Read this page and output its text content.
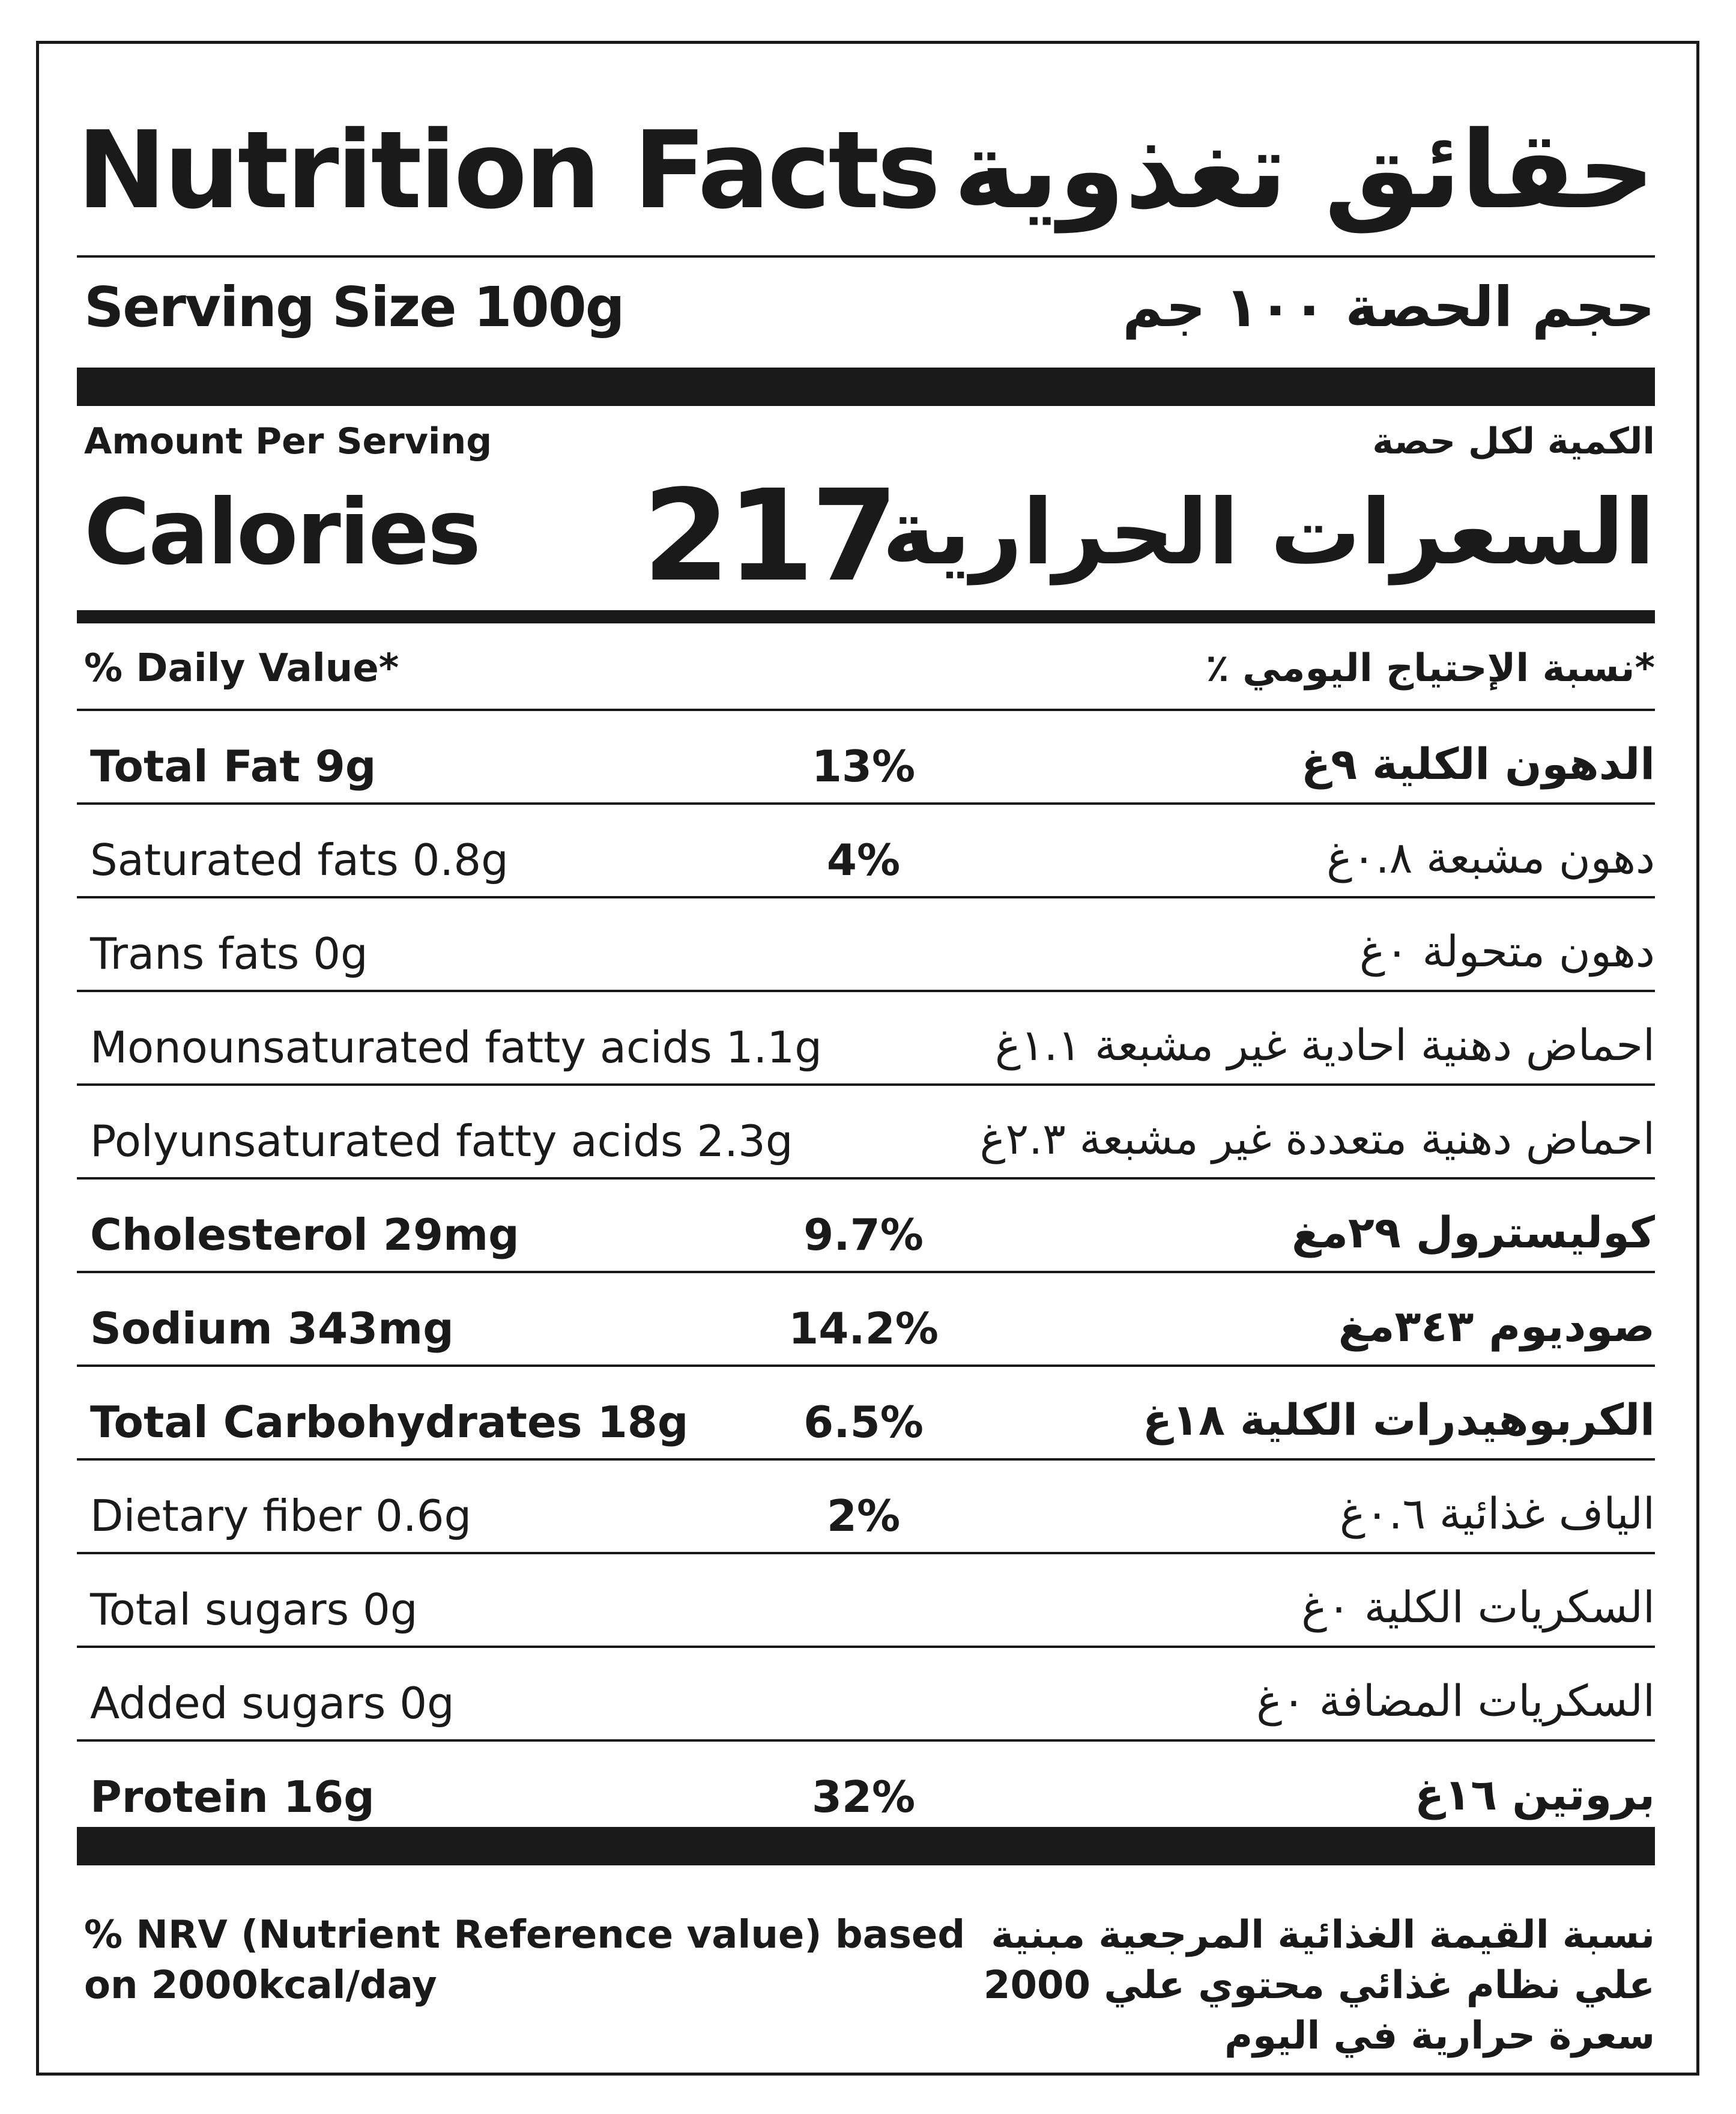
Nutrition Facts حقائق تغذوية
Serving Size 100g	حجم الحصة ١٠٠ جم
Amount Per Serving	الكمية لكل حصة
Calories 217
السعرات الحرارية
% Daily Value*	*نسبة الإحتياج اليومي ٪
Total Fat 9g	13%	الدهون الكلية ٩غ
Saturated fats 0.8g	4%	دهون مشبعة ٠.٨غ
Trans fats 0g	دهون متحولة ٠غ
Monounsaturated fatty acids 1.1g	احماض دهنية احادية غير مشبعة ١.١غ
Polyunsaturated fatty acids 2.3g	احماض دهنية متعددة غير مشبعة ٢.٣غ
Cholesterol 29mg	9.7%	كوليسترول ٢٩مغ
Sodium 343mg	14.2%	صوديوم ٣٤٣مغ
Total Carbohydrates 18g	6.5%	الكربوهيدرات الكلية ١٨غ
Dietary fiber 0.6g	2%	الياف غذائية ٠.٦غ
Total sugars 0g	السكريات الكلية ٠غ
Added sugars 0g	السكريات المضافة ٠غ
Protein 16g	32%	بروتين ١٦غ
% NRV (Nutrient Reference value) based on 2000kcal/day
نسبة القيمة الغذائية المرجعية مبنية علي نظام غذائي محتوي علي 2000 سعرة حرارية في اليوم
